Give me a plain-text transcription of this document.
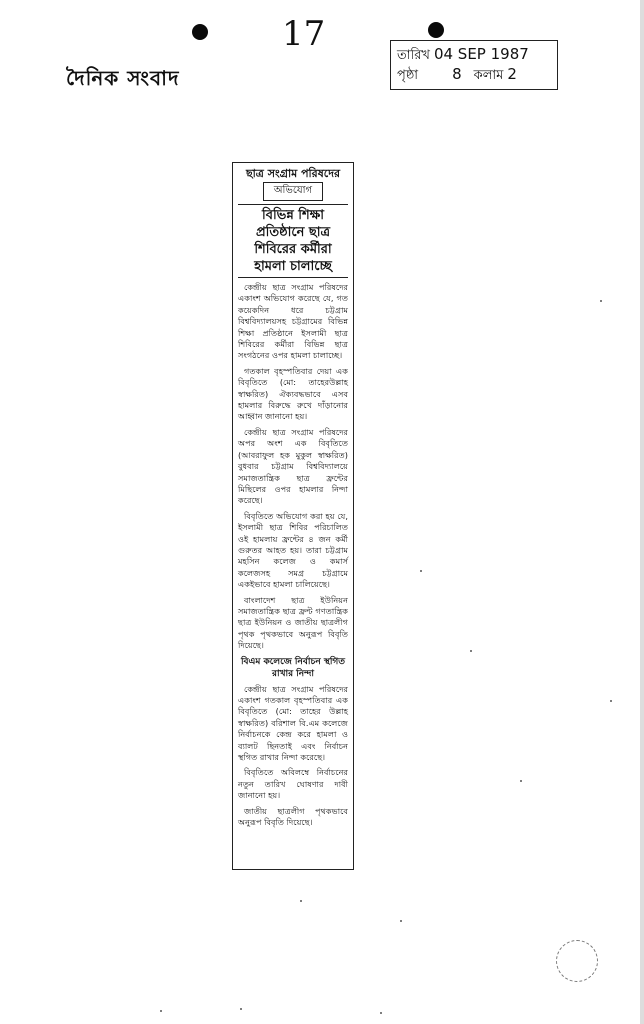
17
দৈনিক সংবাদ
তারিখ 04 SEP 1987
পৃষ্ঠা 8 কলাম 2
ছাত্র সংগ্রাম পরিষদের
অভিযোগ
বিভিন্ন শিক্ষা প্রতিষ্ঠানে ছাত্র শিবিরের কর্মীরা হামলা চালাচ্ছে

কেন্দ্রীয় ছাত্র সংগ্রাম পরিষদের একাংশ অভিযোগ করেছে যে, গত কয়েকদিন ধরে চট্টগ্রাম বিশ্ববিদ্যালয়সহ চট্টগ্রামের বিভিন্ন শিক্ষা প্রতিষ্ঠানে ইসলামী ছাত্র শিবিরের কর্মীরা বিভিন্ন ছাত্র সংগঠনের ওপর হামলা চালাচ্ছে।

গতকাল বৃহস্পতিবার দেয়া এক বিবৃতিতে (মো: তাহেরউল্লাহ স্বাক্ষরিত) ঐক্যবদ্ধভাবে এসব হামলার বিরুদ্ধে রুখে দাঁড়ানোর আহ্বান জানানো হয়।

কেন্দ্রীয় ছাত্র সংগ্রাম পরিষদের অপর অংশ এক বিবৃতিতে (আবরাফুল হক মুকুল স্বাক্ষরিত) বুধবার চট্টগ্রাম বিশ্ববিদ্যালয়ে সমাজতান্ত্রিক ছাত্র ফ্রন্টের মিছিলের ওপর হামলার নিন্দা করেছে।

বিবৃতিতে অভিযোগ করা হয় যে, ইসলামী ছাত্র শিবির পরিচালিত ওই হামলায় ফ্রন্টের ৪ জন কর্মী গুরুতর আহত হয়। তারা চট্টগ্রাম মহসিন কলেজ ও কমার্স কলেজসহ সমগ্র চট্টগ্রামে একইভাবে হামলা চালিয়েছে।

বাংলাদেশ ছাত্র ইউনিয়ন সমাজতান্ত্রিক ছাত্র ফ্রন্ট গণতান্ত্রিক ছাত্র ইউনিয়ন ও জাতীয় ছাত্রলীগ পৃথক পৃথকভাবে অনুরূপ বিবৃতি দিয়েছে।

বিএম কলেজে নির্বাচন স্থগিত রাখার নিন্দা

কেন্দ্রীয় ছাত্র সংগ্রাম পরিষদের একাংশ গতকাল বৃহস্পতিবার এক বিবৃতিতে (মো: তাহের উল্লাহ স্বাক্ষরিত) বরিশাল বি.এম কলেজে নির্বাচনকে কেন্দ্র করে হামলা ও ব্যালট ছিনতাই এবং নির্বাচন স্থগিত রাখার নিন্দা করেছে।

বিবৃতিতে অবিলম্বে নির্বাচনের নতুন তারিখ ঘোষণার দাবী জানানো হয়।

জাতীয় ছাত্রলীগ পৃথকভাবে অনুরূপ বিবৃতি দিয়েছে।
